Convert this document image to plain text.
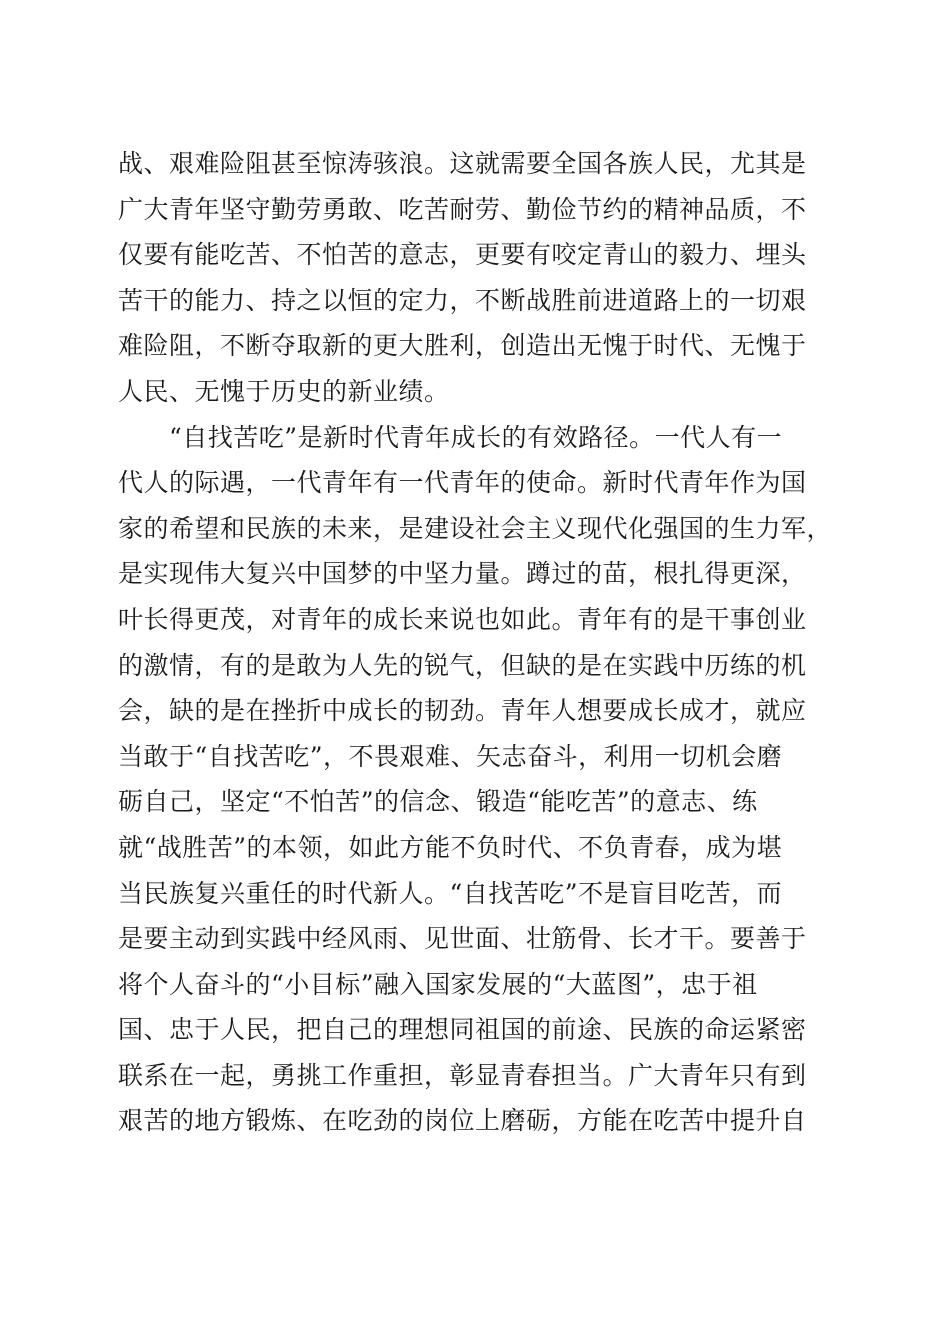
战、艰难险阻甚至惊涛骇浪。这就需要全国各族人民，尤其是
广大青年坚守勤劳勇敢、吃苦耐劳、勤俭节约的精神品质，不
仅要有能吃苦、不怕苦的意志，更要有咬定青山的毅力、埋头
苦干的能力、持之以恒的定力，不断战胜前进道路上的一切艰
难险阻，不断夺取新的更大胜利，创造出无愧于时代、无愧于
人民、无愧于历史的新业绩。
　　“自找苦吃”是新时代青年成长的有效路径。一代人有一
代人的际遇，一代青年有一代青年的使命。新时代青年作为国
家的希望和民族的未来，是建设社会主义现代化强国的生力军，
是实现伟大复兴中国梦的中坚力量。蹲过的苗，根扎得更深，
叶长得更茂，对青年的成长来说也如此。青年有的是干事创业
的激情，有的是敢为人先的锐气，但缺的是在实践中历练的机
会，缺的是在挫折中成长的韧劲。青年人想要成长成才，就应
当敢于“自找苦吃”，不畏艰难、矢志奋斗，利用一切机会磨
砺自己，坚定“不怕苦”的信念、锻造“能吃苦”的意志、练
就“战胜苦”的本领，如此方能不负时代、不负青春，成为堪
当民族复兴重任的时代新人。“自找苦吃”不是盲目吃苦，而
是要主动到实践中经风雨、见世面、壮筋骨、长才干。要善于
将个人奋斗的“小目标”融入国家发展的“大蓝图”，忠于祖
国、忠于人民，把自己的理想同祖国的前途、民族的命运紧密
联系在一起，勇挑工作重担，彰显青春担当。广大青年只有到
艰苦的地方锻炼、在吃劲的岗位上磨砺，方能在吃苦中提升自
